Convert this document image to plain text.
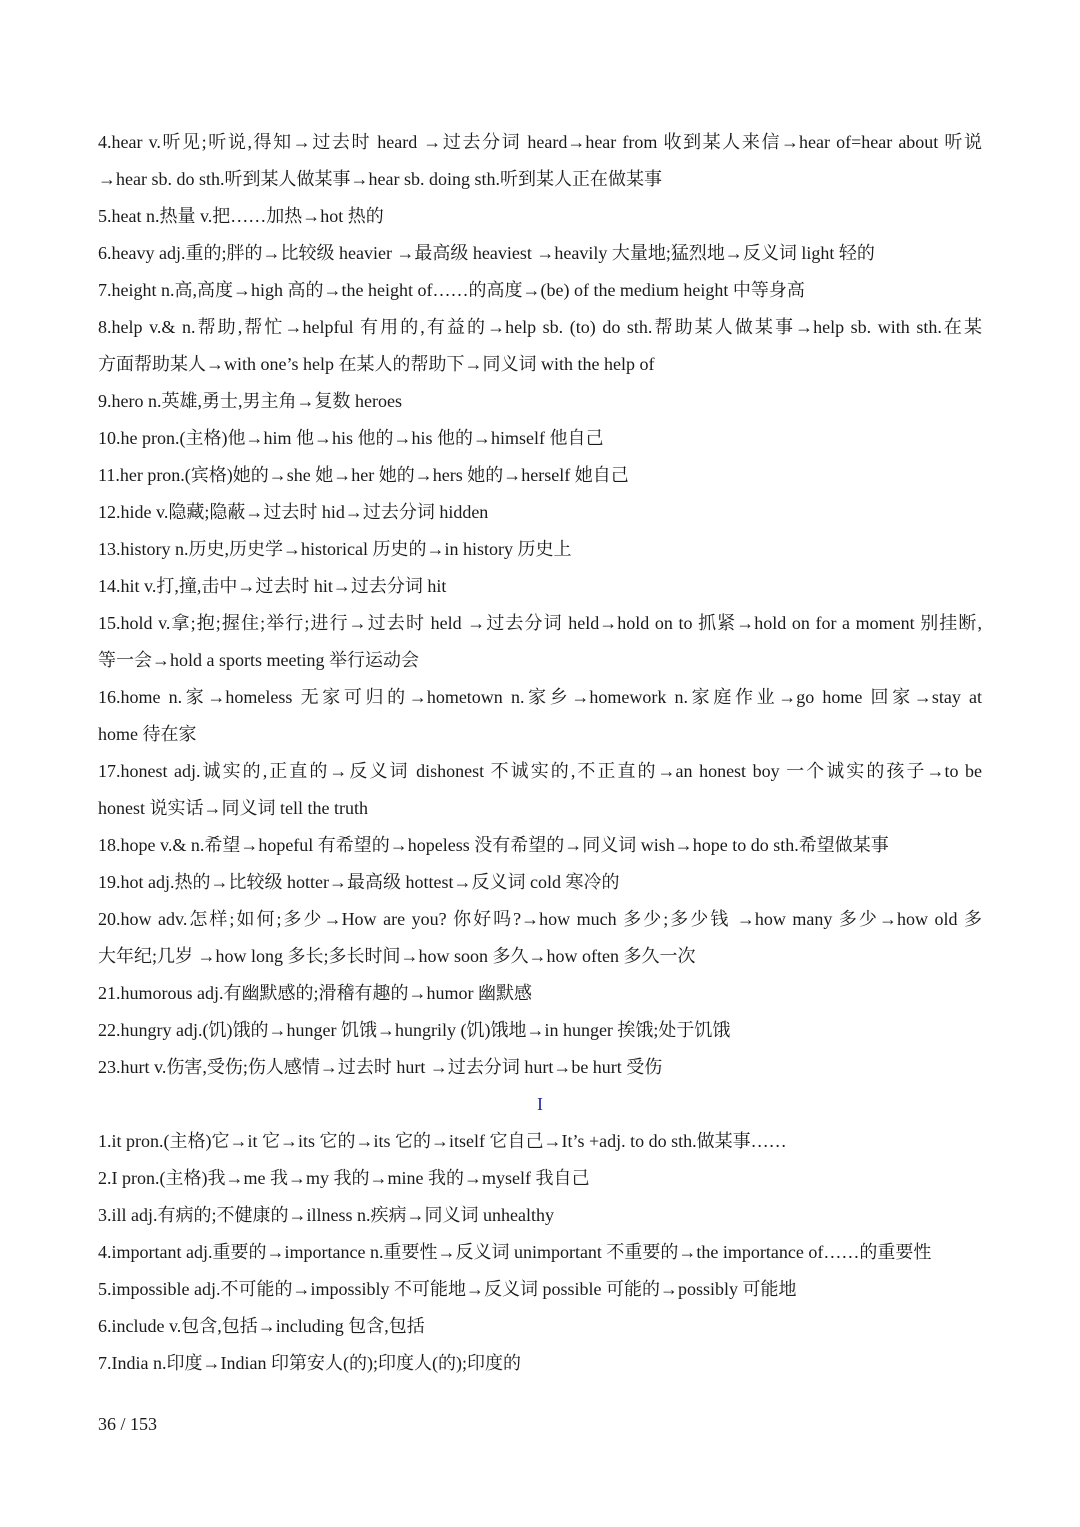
4.hear v.听见;听说,得知→过去时 heard →过去分词 heard→hear from 收到某人来信→hear of=hear about 听说
→hear sb. do sth.听到某人做某事→hear sb. doing sth.听到某人正在做某事
5.heat n.热量 v.把……加热→hot 热的
6.heavy adj.重的;胖的→比较级 heavier →最高级 heaviest →heavily 大量地;猛烈地→反义词 light 轻的
7.height n.高,高度→high 高的→the height of……的高度→(be) of the medium height 中等身高
8.help v.& n.帮助,帮忙→helpful 有用的,有益的→help sb. (to) do sth.帮助某人做某事→help sb. with sth.在某
方面帮助某人→with one’s help 在某人的帮助下→同义词 with the help of
9.hero n.英雄,勇士,男主角→复数 heroes
10.he pron.(主格)他→him 他→his 他的→his 他的→himself 他自己
11.her pron.(宾格)她的→she 她→her 她的→hers 她的→herself 她自己
12.hide v.隐藏;隐蔽→过去时 hid→过去分词 hidden
13.history n.历史,历史学→historical 历史的→in history 历史上
14.hit v.打,撞,击中→过去时 hit→过去分词 hit
15.hold v.拿;抱;握住;举行;进行→过去时 held →过去分词 held→hold on to 抓紧→hold on for a moment 别挂断,
等一会→hold a sports meeting 举行运动会
16.home n.家→homeless 无家可归的→hometown n.家乡→homework n.家庭作业→go home 回家→stay at
home 待在家
17.honest adj.诚实的,正直的→反义词 dishonest 不诚实的,不正直的→an honest boy 一个诚实的孩子→to be
honest 说实话→同义词 tell the truth
18.hope v.& n.希望→hopeful 有希望的→hopeless 没有希望的→同义词 wish→hope to do sth.希望做某事
19.hot adj.热的→比较级 hotter→最高级 hottest→反义词 cold 寒冷的
20.how adv.怎样;如何;多少→How are you? 你好吗?→how much 多少;多少钱 →how many 多少→how old 多
大年纪;几岁 →how long 多长;多长时间→how soon 多久→how often 多久一次
21.humorous adj.有幽默感的;滑稽有趣的→humor 幽默感
22.hungry adj.(饥)饿的→hunger 饥饿→hungrily (饥)饿地→in hunger 挨饿;处于饥饿
23.hurt v.伤害,受伤;伤人感情→过去时 hurt →过去分词 hurt→be hurt 受伤
I
1.it pron.(主格)它→it 它→its 它的→its 它的→itself 它自己→It’s +adj. to do sth.做某事……
2.I pron.(主格)我→me 我→my 我的→mine 我的→myself 我自己
3.ill adj.有病的;不健康的→illness n.疾病→同义词 unhealthy
4.important adj.重要的→importance n.重要性→反义词 unimportant 不重要的→the importance of……的重要性
5.impossible adj.不可能的→impossibly 不可能地→反义词 possible 可能的→possibly 可能地
6.include v.包含,包括→including 包含,包括
7.India n.印度→Indian 印第安人(的);印度人(的);印度的
36 / 153
